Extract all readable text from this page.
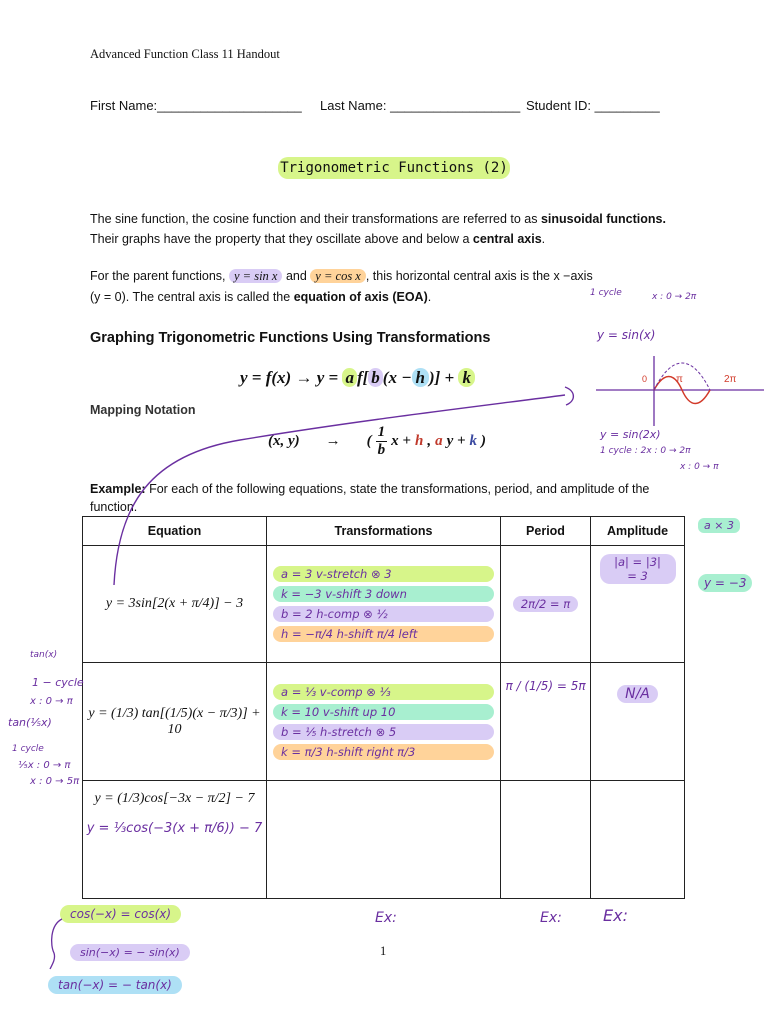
Advanced Function Class 11 Handout
First Name:____________________ Last Name: __________________ Student ID: _________
Trigonometric Functions (2)
The sine function, the cosine function and their transformations are referred to as sinusoidal functions. Their graphs have the property that they oscillate above and below a central axis.
For the parent functions, y = sin x and y = cos x , this horizontal central axis is the x −axis
(y = 0). The central axis is called the equation of axis (EOA).
Graphing Trigonometric Functions Using Transformations
y = f(x) → y = a f[ b (x − h )] + k
Mapping Notation
(x, y) → (
1
b
x + h , a y + k )
Example: For each of the following equations, state the transformations, period, and amplitude of the function.
Equation	Transformations	Period	Amplitude
y = 3sin[2(x + π/4)] − 3	a = 3 v-stretch ⊗ 3
k = −3 v-shift 3 down
b = 2 h-comp ⊗ ½
h = −π/4 h-shift π/4 left	2π/2 = π	|a| = |3| = 3
y = (1/3) tan[(1/5)(x − π/3)] + 10	a = ⅓ v-comp ⊗ ⅓
k = 10 v-shift up 10
b = ⅕ h-stretch ⊗ 5
k = π/3 h-shift right π/3	π / (1/5) = 5π	N/A

y = (1/3)cos[−3x − π/2] − 7
y = ⅓cos(−3(x + π/6)) − 7			

1 cycle	x : 0 → 2π
y = sin(x)
π	2π
0
y = sin(2x)
1 cycle : 2x : 0 → 2π
x : 0 → π
a × 3
y = −3
tan(x)
1 − cycle
x : 0 → π
tan(⅕x)
1 cycle
⅕x : 0 → π
x : 0 → 5π
Ex:	Ex:	Ex:
cos(−x) = cos(x)
sin(−x) = − sin(x)
tan(−x) = − tan(x)
1
